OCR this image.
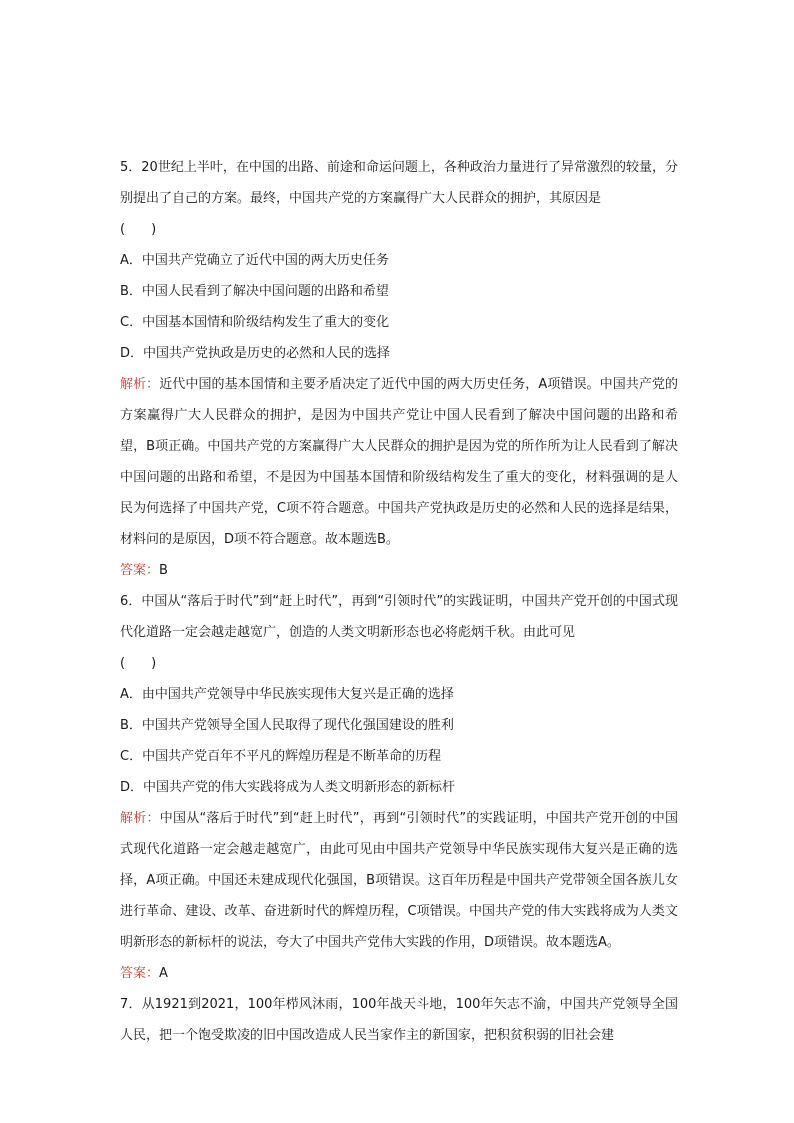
5．20世纪上半叶，在中国的出路、前途和命运问题上，各种政治力量进行了异常激烈的较量，分别提出了自己的方案。最终，中国共产党的方案赢得广大人民群众的拥护，其原因是
(　　)
A．中国共产党确立了近代中国的两大历史任务
B．中国人民看到了解决中国问题的出路和希望
C．中国基本国情和阶级结构发生了重大的变化
D．中国共产党执政是历史的必然和人民的选择
解析：近代中国的基本国情和主要矛盾决定了近代中国的两大历史任务，A项错误。中国共产党的方案赢得广大人民群众的拥护，是因为中国共产党让中国人民看到了解决中国问题的出路和希望，B项正确。中国共产党的方案赢得广大人民群众的拥护是因为党的所作所为让人民看到了解决中国问题的出路和希望，不是因为中国基本国情和阶级结构发生了重大的变化，材料强调的是人民为何选择了中国共产党，C项不符合题意。中国共产党执政是历史的必然和人民的选择是结果，材料问的是原因，D项不符合题意。故本题选B。
答案：B
6．中国从“落后于时代”到“赶上时代”，再到“引领时代”的实践证明，中国共产党开创的中国式现代化道路一定会越走越宽广，创造的人类文明新形态也必将彪炳千秋。由此可见
(　　)
A．由中国共产党领导中华民族实现伟大复兴是正确的选择
B．中国共产党领导全国人民取得了现代化强国建设的胜利
C．中国共产党百年不平凡的辉煌历程是不断革命的历程
D．中国共产党的伟大实践将成为人类文明新形态的新标杆
解析：中国从“落后于时代”到“赶上时代”，再到“引领时代”的实践证明，中国共产党开创的中国式现代化道路一定会越走越宽广，由此可见由中国共产党领导中华民族实现伟大复兴是正确的选择，A项正确。中国还未建成现代化强国，B项错误。这百年历程是中国共产党带领全国各族儿女进行革命、建设、改革、奋进新时代的辉煌历程，C项错误。中国共产党的伟大实践将成为人类文明新形态的新标杆的说法，夸大了中国共产党伟大实践的作用，D项错误。故本题选A。
答案：A
7．从1921到2021，100年栉风沐雨，100年战天斗地，100年矢志不渝，中国共产党领导全国人民，把一个饱受欺凌的旧中国改造成人民当家作主的新国家，把积贫积弱的旧社会建
